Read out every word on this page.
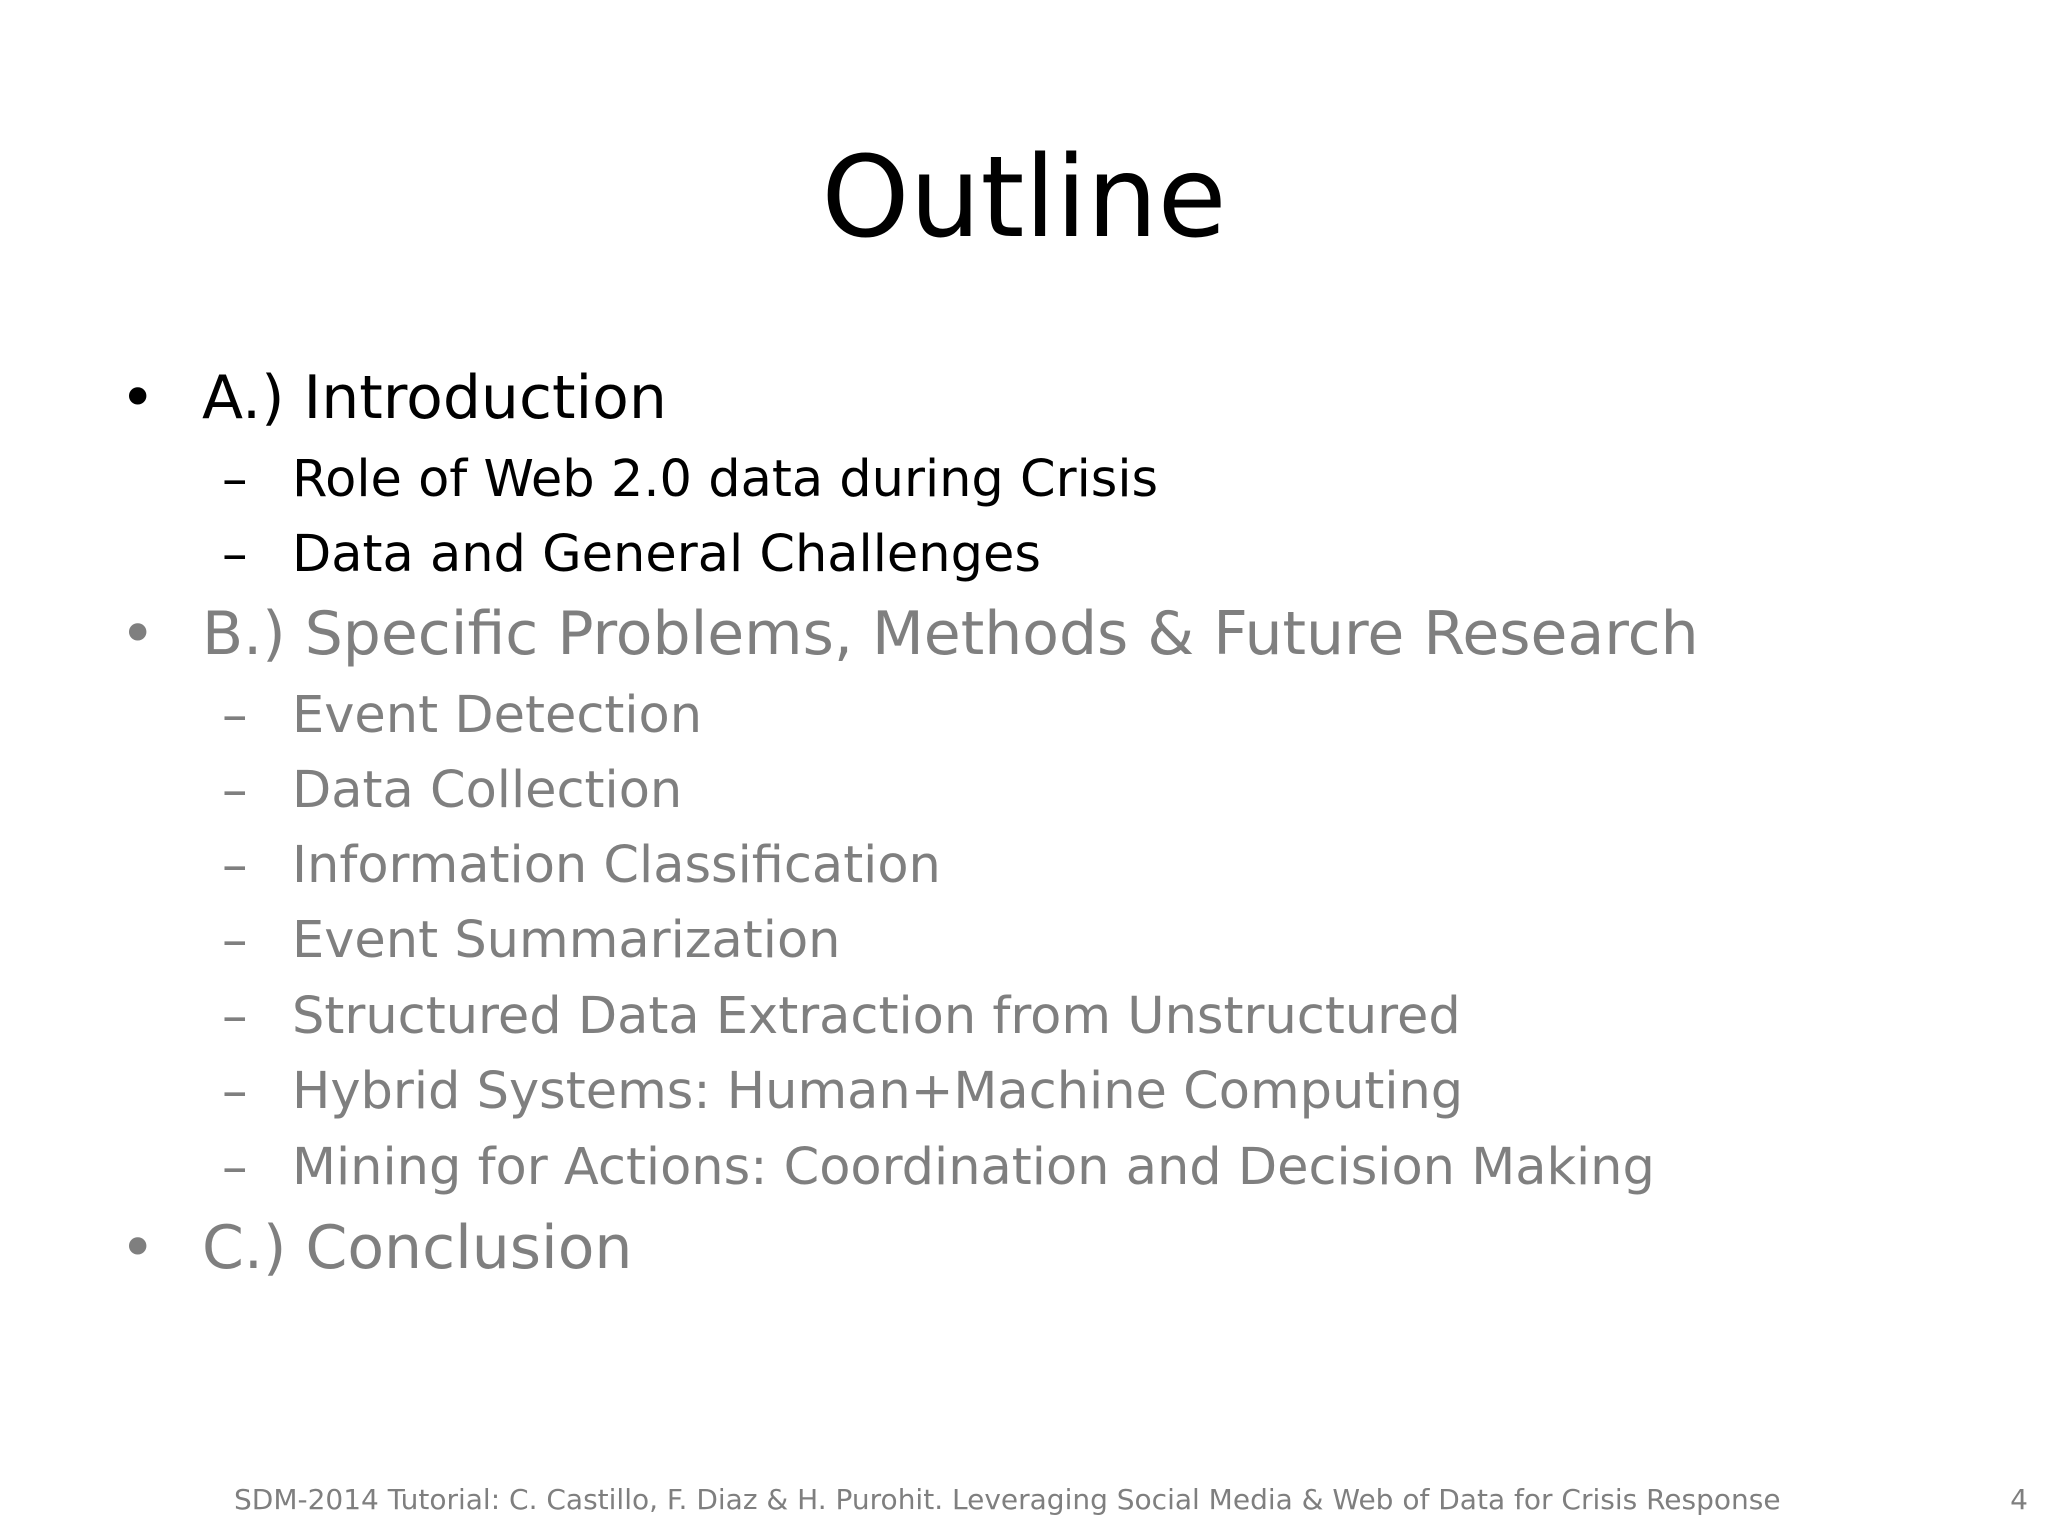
Outline
• A.) Introduction
– Role of Web 2.0 data during Crisis
– Data and General Challenges
• B.) Specific Problems, Methods & Future Research
– Event Detection
– Data Collection
– Information Classification
– Event Summarization
– Structured Data Extraction from Unstructured
– Hybrid Systems: Human+Machine Computing
– Mining for Actions: Coordination and Decision Making
• C.) Conclusion
SDM-2014 Tutorial: C. Castillo, F. Diaz & H. Purohit. Leveraging Social Media & Web of Data for Crisis Response	4
